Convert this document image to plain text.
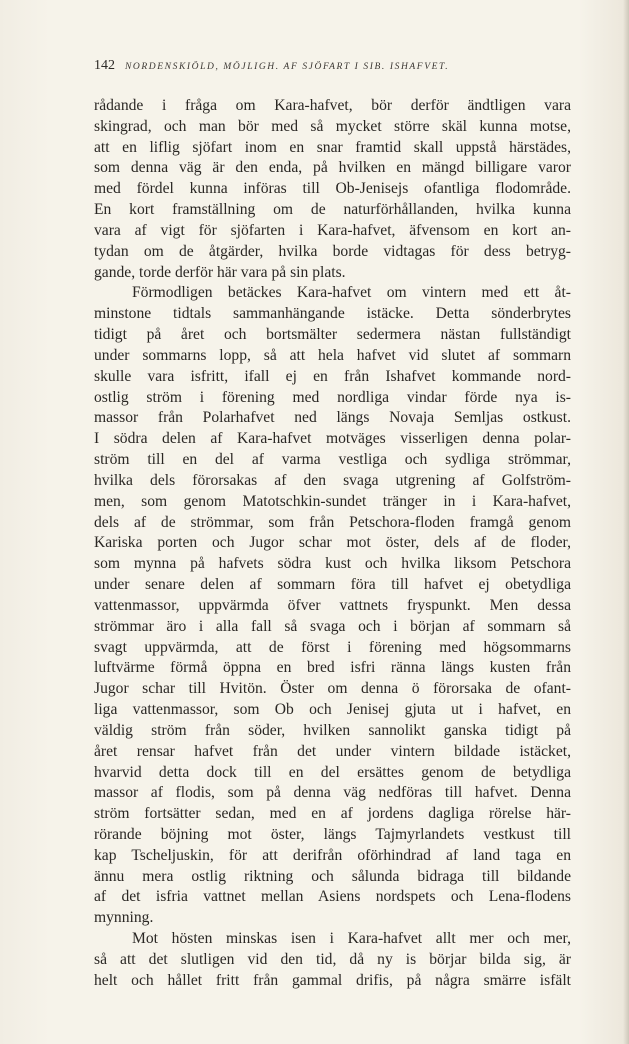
142 NORDENSKIÖLD, MÖJLIGH. AF SJÖFART I SIB. ISHAFVET.
rådande i fråga om Kara-hafvet, bör derför ändtligen vara
skingrad, och man bör med så mycket större skäl kunna motse,
att en liflig sjöfart inom en snar framtid skall uppstå härstädes,
som denna väg är den enda, på hvilken en mängd billigare varor
med fördel kunna införas till Ob-Jenisejs ofantliga flodområde.
En kort framställning om de naturförhållanden, hvilka kunna
vara af vigt för sjöfarten i Kara-hafvet, äfvensom en kort an-
tydan om de åtgärder, hvilka borde vidtagas för dess betryg-
gande, torde derför här vara på sin plats.
Förmodligen betäckes Kara-hafvet om vintern med ett åt-
minstone tidtals sammanhängande istäcke. Detta sönderbrytes
tidigt på året och bortsmälter sedermera nästan fullständigt
under sommarns lopp, så att hela hafvet vid slutet af sommarn
skulle vara isfritt, ifall ej en från Ishafvet kommande nord-
ostlig ström i förening med nordliga vindar förde nya is-
massor från Polarhafvet ned längs Novaja Semljas ostkust.
I södra delen af Kara-hafvet motväges visserligen denna polar-
ström till en del af varma vestliga och sydliga strömmar,
hvilka dels förorsakas af den svaga utgrening af Golfström-
men, som genom Matotschkin-sundet tränger in i Kara-hafvet,
dels af de strömmar, som från Petschora-floden framgå genom
Kariska porten och Jugor schar mot öster, dels af de floder,
som mynna på hafvets södra kust och hvilka liksom Petschora
under senare delen af sommarn föra till hafvet ej obetydliga
vattenmassor, uppvärmda öfver vattnets fryspunkt. Men dessa
strömmar äro i alla fall så svaga och i början af sommarn så
svagt uppvärmda, att de först i förening med högsommarns
luftvärme förmå öppna en bred isfri ränna längs kusten från
Jugor schar till Hvitön. Öster om denna ö förorsaka de ofant-
liga vattenmassor, som Ob och Jenisej gjuta ut i hafvet, en
väldig ström från söder, hvilken sannolikt ganska tidigt på
året rensar hafvet från det under vintern bildade istäcket,
hvarvid detta dock till en del ersättes genom de betydliga
massor af flodis, som på denna väg nedföras till hafvet. Denna
ström fortsätter sedan, med en af jordens dagliga rörelse här-
rörande böjning mot öster, längs Tajmyrlandets vestkust till
kap Tscheljuskin, för att derifrån oförhindrad af land taga en
ännu mera ostlig riktning och sålunda bidraga till bildande
af det isfria vattnet mellan Asiens nordspets och Lena-flodens
mynning.
Mot hösten minskas isen i Kara-hafvet allt mer och mer,
så att det slutligen vid den tid, då ny is börjar bilda sig, är
helt och hållet fritt från gammal drifis, på några smärre isfält
